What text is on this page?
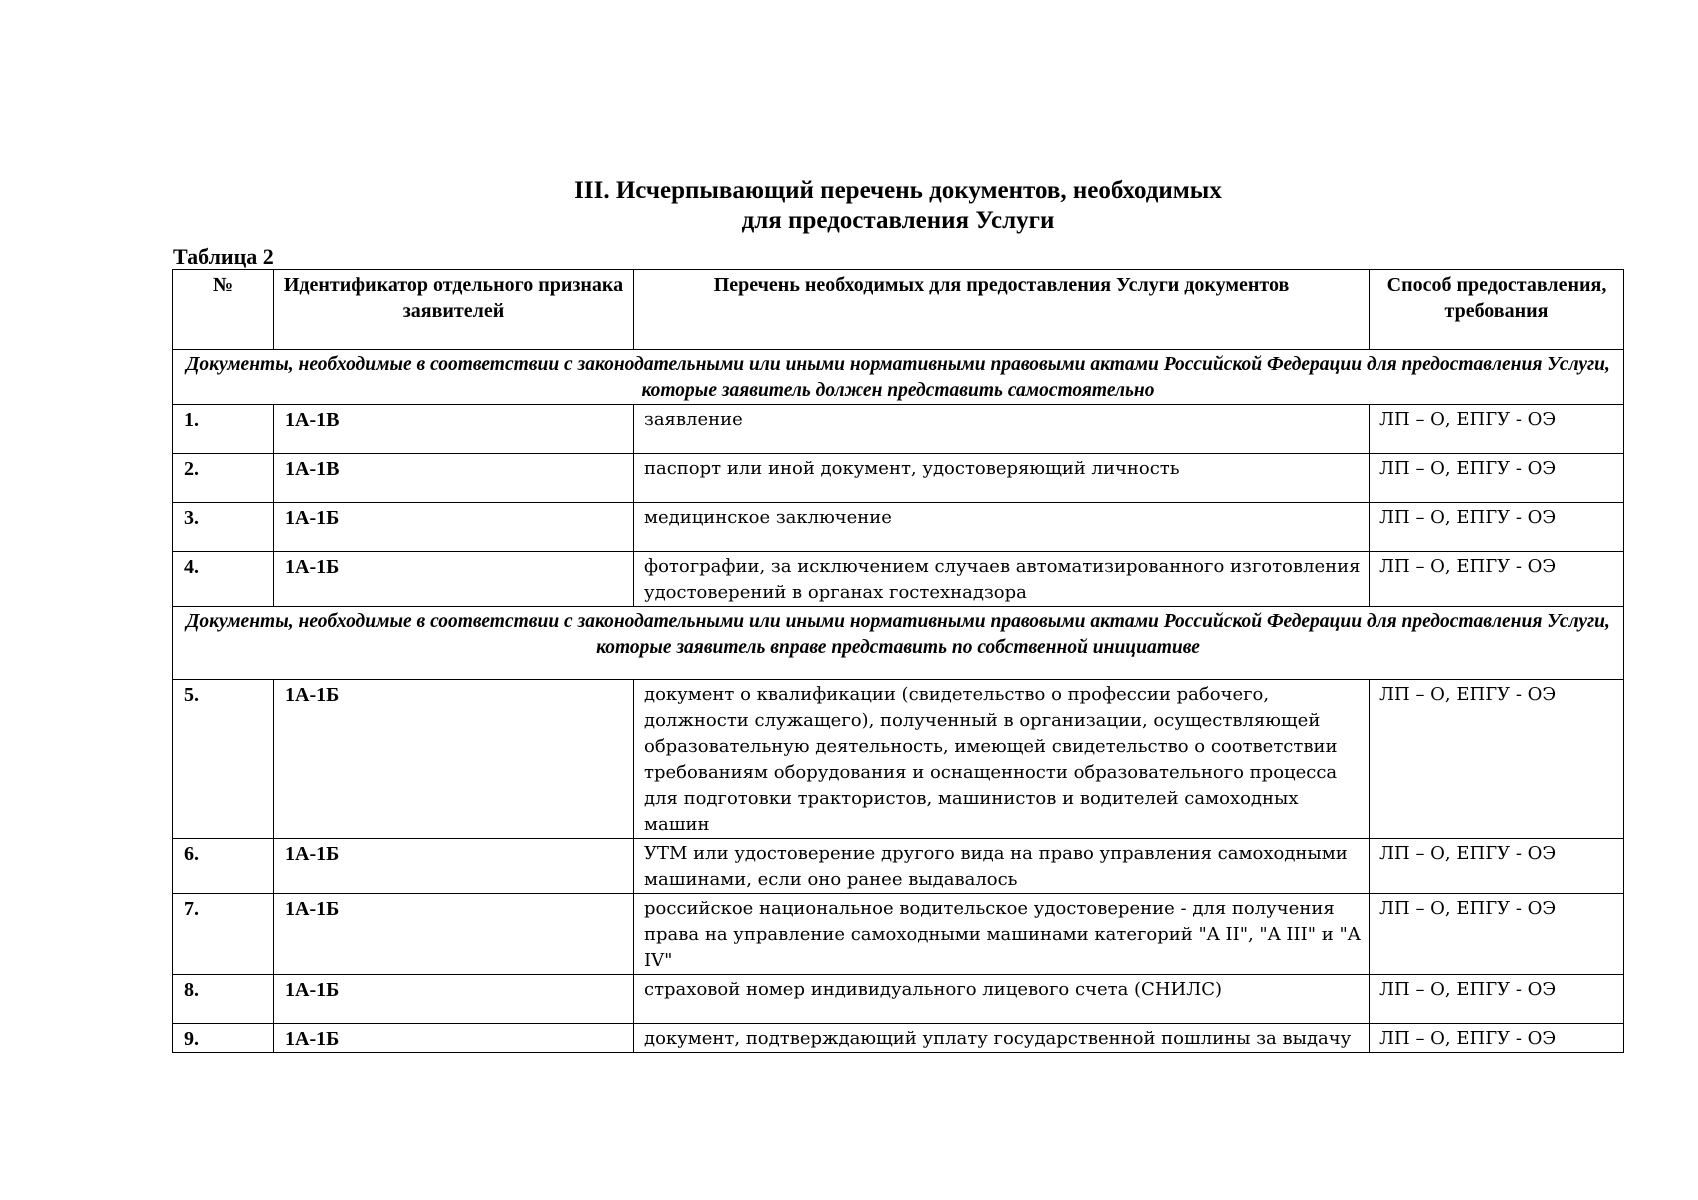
III. Исчерпывающий перечень документов, необходимых
для предоставления Услуги
Таблица 2
№	Идентификатор отдельного признака заявителей	Перечень необходимых для предоставления Услуги документов	Способ предоставления, требования
Документы, необходимые в соответствии с законодательными или иными нормативными правовыми актами Российской Федерации для предоставления Услуги, которые заявитель должен представить самостоятельно			
1.	1А-1В	заявление	ЛП – О, ЕПГУ - ОЭ
2.	1А-1В	паспорт или иной документ, удостоверяющий личность	ЛП – О, ЕПГУ - ОЭ
3.	1А-1Б	медицинское заключение	ЛП – О, ЕПГУ - ОЭ
4.	1А-1Б	фотографии, за исключением случаев автоматизированного изготовления удостоверений в органах гостехнадзора	ЛП – О, ЕПГУ - ОЭ
Документы, необходимые в соответствии с законодательными или иными нормативными правовыми актами Российской Федерации для предоставления Услуги, которые заявитель вправе представить по собственной инициативе			
5.	1А-1Б	документ о квалификации (свидетельство о профессии рабочего, должности служащего), полученный в организации, осуществляющей образовательную деятельность, имеющей свидетельство о соответствии требованиям оборудования и оснащенности образовательного процесса для подготовки трактористов, машинистов и водителей самоходных машин	ЛП – О, ЕПГУ - ОЭ
6.	1А-1Б	УТМ или удостоверение другого вида на право управления самоходными машинами, если оно ранее выдавалось	ЛП – О, ЕПГУ - ОЭ
7.	1А-1Б	российское национальное водительское удостоверение - для получения права на управление самоходными машинами категорий "A II", "A III" и "A IV"	ЛП – О, ЕПГУ - ОЭ
8.	1А-1Б	страховой номер индивидуального лицевого счета (СНИЛС)	ЛП – О, ЕПГУ - ОЭ
9.	1А-1Б	документ, подтверждающий уплату государственной пошлины за выдачу	ЛП – О, ЕПГУ - ОЭ
